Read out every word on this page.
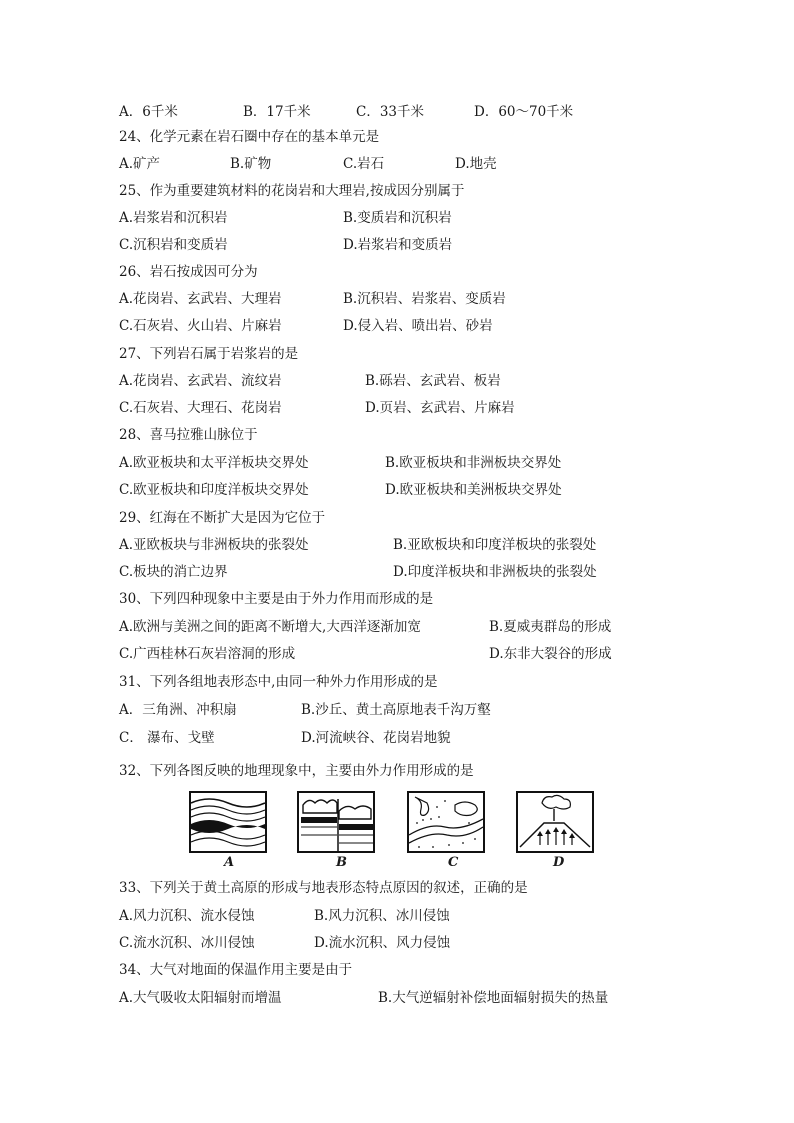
A．6千米	B．17千米	C．33千米	D．60～70千米
24、化学元素在岩石圈中存在的基本单元是
A.矿产	B.矿物	C.岩石	D.地壳
25、作为重要建筑材料的花岗岩和大理岩,按成因分别属于
A.岩浆岩和沉积岩	B.变质岩和沉积岩
C.沉积岩和变质岩	D.岩浆岩和变质岩
26、岩石按成因可分为
A.花岗岩、玄武岩、大理岩	B.沉积岩、岩浆岩、变质岩
C.石灰岩、火山岩、片麻岩	D.侵入岩、喷出岩、砂岩
27、下列岩石属于岩浆岩的是
A.花岗岩、玄武岩、流纹岩	B.砾岩、玄武岩、板岩
C.石灰岩、大理石、花岗岩	D.页岩、玄武岩、片麻岩
28、喜马拉雅山脉位于
A.欧亚板块和太平洋板块交界处	B.欧亚板块和非洲板块交界处
C.欧亚板块和印度洋板块交界处	D.欧亚板块和美洲板块交界处
29、红海在不断扩大是因为它位于
A.亚欧板块与非洲板块的张裂处	B.亚欧板块和印度洋板块的张裂处
C.板块的消亡边界	D.印度洋板块和非洲板块的张裂处
30、下列四种现象中主要是由于外力作用而形成的是
A.欧洲与美洲之间的距离不断增大,大西洋逐渐加宽	B.夏威夷群岛的形成
C.广西桂林石灰岩溶洞的形成	D.东非大裂谷的形成
31、下列各组地表形态中,由同一种外力作用形成的是
A．三角洲、冲积扇	B.沙丘、黄土高原地表千沟万壑
C． 瀑布、戈壁	D.河流峡谷、花岗岩地貌
32、下列各图反映的地理现象中，主要由外力作用形成的是
A	B	C	D
33、下列关于黄土高原的形成与地表形态特点原因的叙述，正确的是
A.风力沉积、流水侵蚀	B.风力沉积、冰川侵蚀
C.流水沉积、冰川侵蚀	D.流水沉积、风力侵蚀
34、大气对地面的保温作用主要是由于
A.大气吸收太阳辐射而增温	B.大气逆辐射补偿地面辐射损失的热量
